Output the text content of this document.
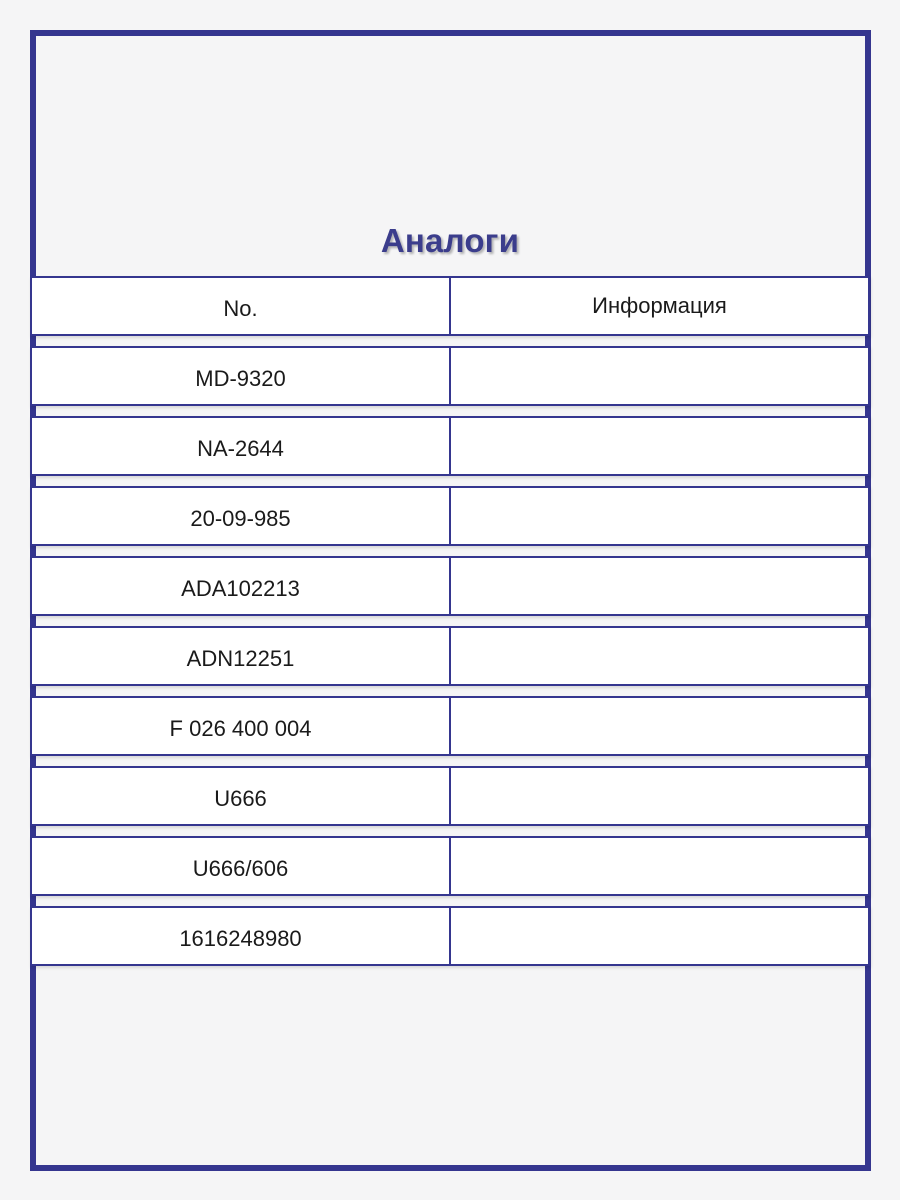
Аналоги
No.	Информация
MD-9320
NA-2644
20-09-985
ADA102213
ADN12251
F 026 400 004
U666
U666/606
1616248980
